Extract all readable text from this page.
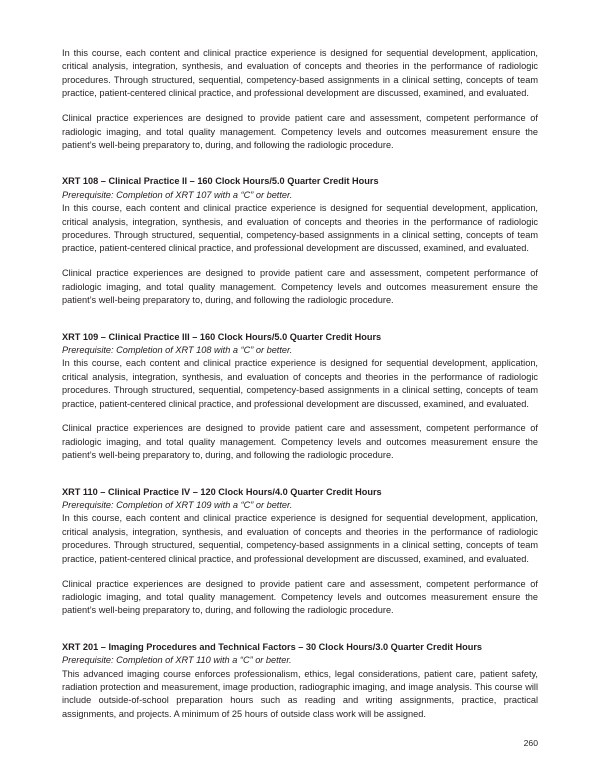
In this course, each content and clinical practice experience is designed for sequential development, application, critical analysis, integration, synthesis, and evaluation of concepts and theories in the performance of radiologic procedures. Through structured, sequential, competency-based assignments in a clinical setting, concepts of team practice, patient-centered clinical practice, and professional development are discussed, examined, and evaluated.

Clinical practice experiences are designed to provide patient care and assessment, competent performance of radiologic imaging, and total quality management. Competency levels and outcomes measurement ensure the patient’s well-being preparatory to, during, and following the radiologic procedure.

XRT 108 – Clinical Practice II – 160 Clock Hours/5.0 Quarter Credit Hours

Prerequisite: Completion of XRT 107 with a “C” or better.

In this course, each content and clinical practice experience is designed for sequential development, application, critical analysis, integration, synthesis, and evaluation of concepts and theories in the performance of radiologic procedures. Through structured, sequential, competency-based assignments in a clinical setting, concepts of team practice, patient-centered clinical practice, and professional development are discussed, examined, and evaluated.

Clinical practice experiences are designed to provide patient care and assessment, competent performance of radiologic imaging, and total quality management. Competency levels and outcomes measurement ensure the patient’s well-being preparatory to, during, and following the radiologic procedure.

XRT 109 – Clinical Practice III – 160 Clock Hours/5.0 Quarter Credit Hours

Prerequisite: Completion of XRT 108 with a “C” or better.

In this course, each content and clinical practice experience is designed for sequential development, application, critical analysis, integration, synthesis, and evaluation of concepts and theories in the performance of radiologic procedures. Through structured, sequential, competency-based assignments in a clinical setting, concepts of team practice, patient-centered clinical practice, and professional development are discussed, examined, and evaluated.

Clinical practice experiences are designed to provide patient care and assessment, competent performance of radiologic imaging, and total quality management. Competency levels and outcomes measurement ensure the patient’s well-being preparatory to, during, and following the radiologic procedure.

XRT 110 – Clinical Practice IV – 120 Clock Hours/4.0 Quarter Credit Hours

Prerequisite: Completion of XRT 109 with a “C” or better.

In this course, each content and clinical practice experience is designed for sequential development, application, critical analysis, integration, synthesis, and evaluation of concepts and theories in the performance of radiologic procedures. Through structured, sequential, competency-based assignments in a clinical setting, concepts of team practice, patient-centered clinical practice, and professional development are discussed, examined, and evaluated.

Clinical practice experiences are designed to provide patient care and assessment, competent performance of radiologic imaging, and total quality management. Competency levels and outcomes measurement ensure the patient’s well-being preparatory to, during, and following the radiologic procedure.

XRT 201 – Imaging Procedures and Technical Factors – 30 Clock Hours/3.0 Quarter Credit Hours

Prerequisite: Completion of XRT 110 with a “C” or better.

This advanced imaging course enforces professionalism, ethics, legal considerations, patient care, patient safety, radiation protection and measurement, image production, radiographic imaging, and image analysis. This course will include outside-of-school preparation hours such as reading and writing assignments, practice, practical assignments, and projects. A minimum of 25 hours of outside class work will be assigned.

260
